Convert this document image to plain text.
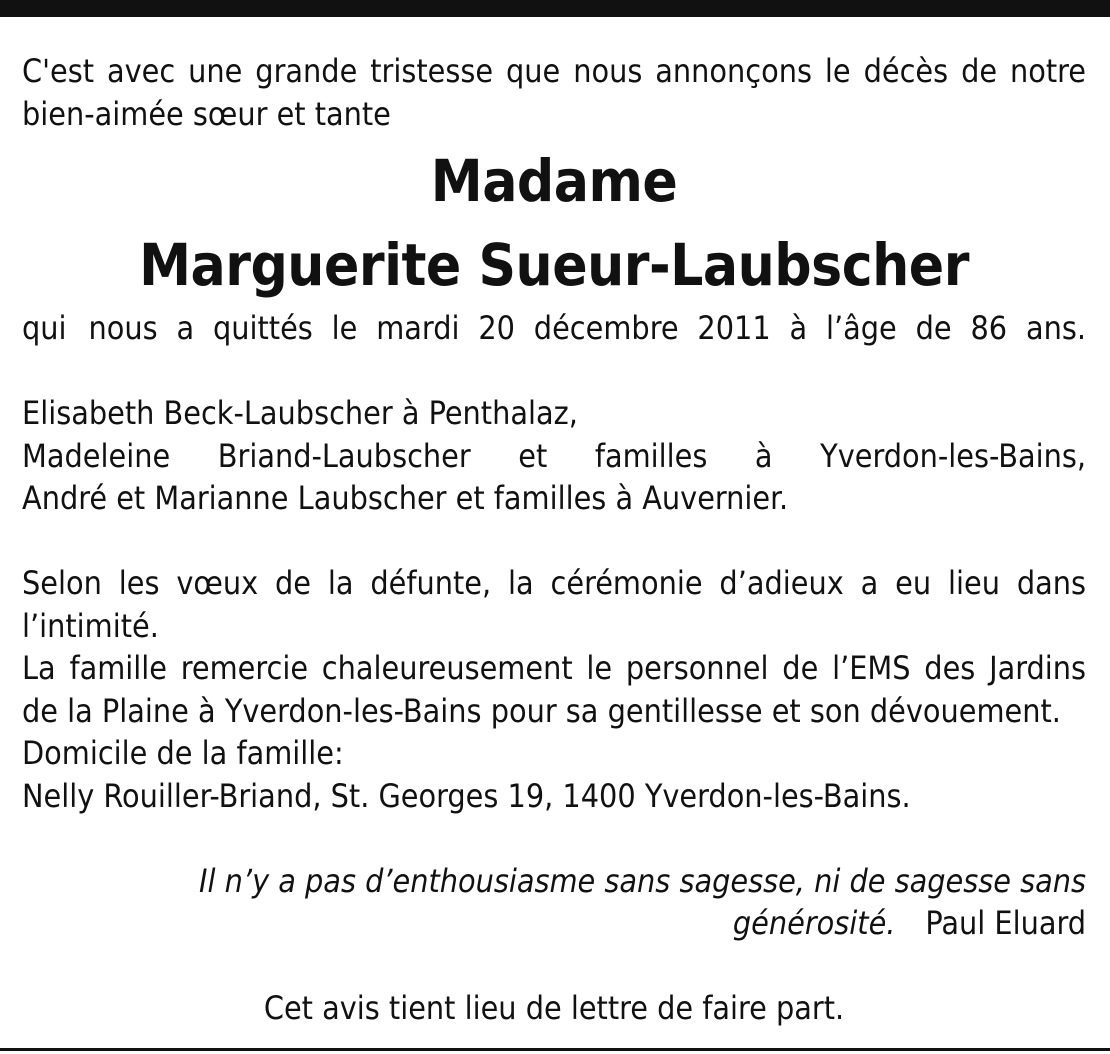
C'est avec une grande tristesse que nous annonçons le décès de notre

bien-aimée sœur et tante

Madame
Marguerite Sueur-Laubscher

qui nous a quittés le mardi 20 décembre 2011 à l’âge de 86 ans.

Elisabeth Beck-Laubscher à Penthalaz,

Madeleine Briand-Laubscher et familles à Yverdon-les-Bains,

André et Marianne Laubscher et familles à Auvernier.

Selon les vœux de la défunte, la cérémonie d’adieux a eu lieu dans

l’intimité.

La famille remercie chaleureusement le personnel de l’EMS des Jardins

de la Plaine à Yverdon-les-Bains pour sa gentillesse et son dévouement.

Domicile de la famille:

Nelly Rouiller-Briand, St. Georges 19, 1400 Yverdon-les-Bains.

Il n’y a pas d’enthousiasme sans sagesse, ni de sagesse sans

générosité. Paul Eluard

Cet avis tient lieu de lettre de faire part.
